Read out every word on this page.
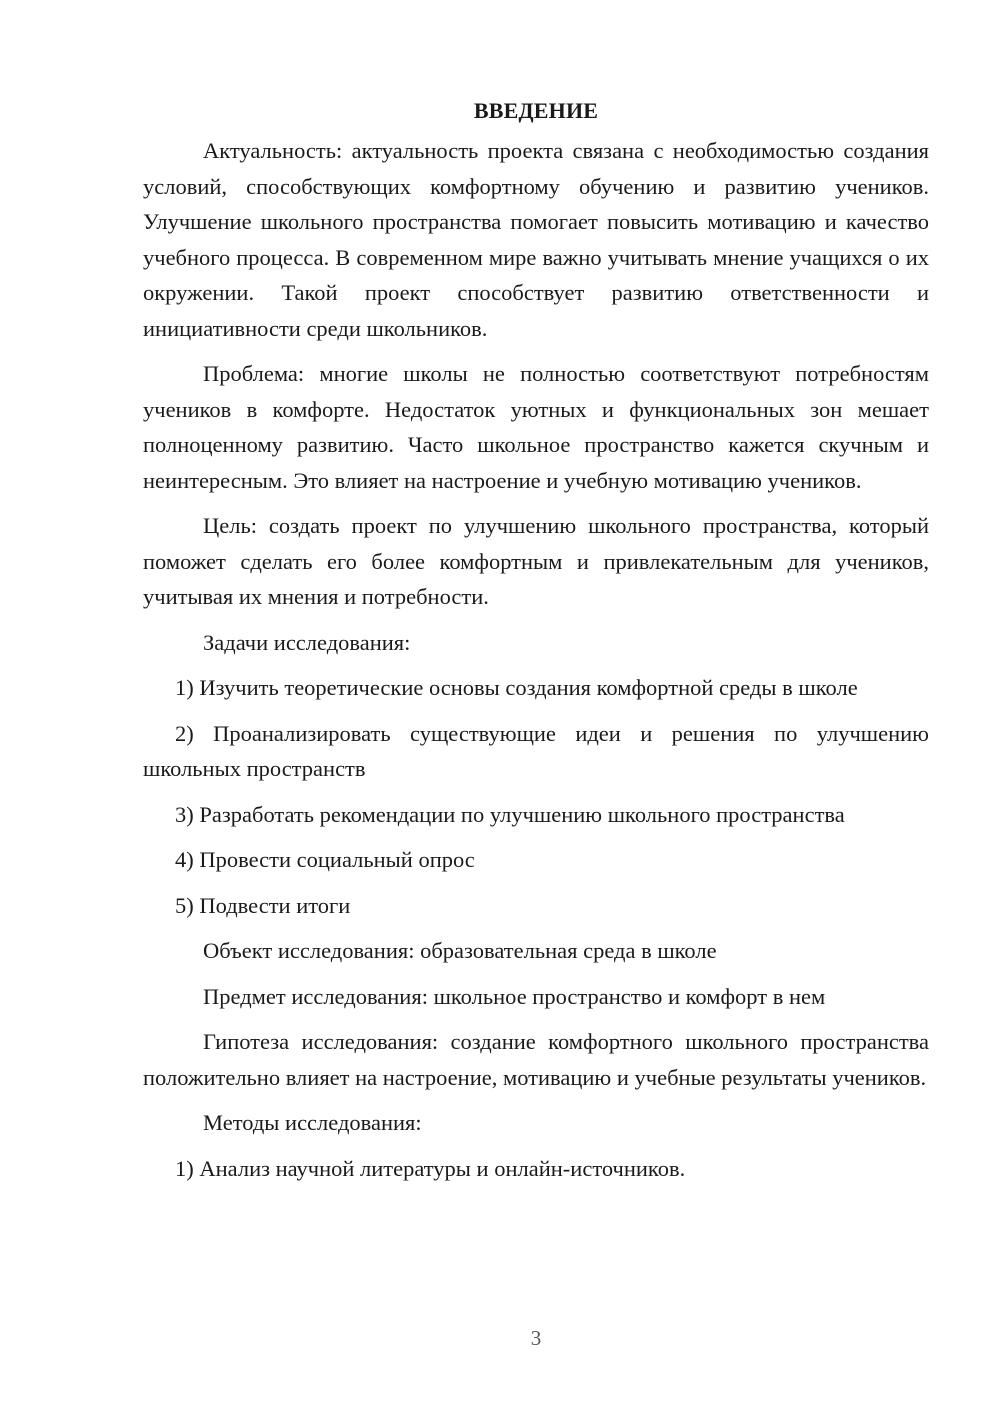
ВВЕДЕНИЕ
Актуальность: актуальность проекта связана с необходимостью создания условий, способствующих комфортному обучению и развитию учеников. Улучшение школьного пространства помогает повысить мотивацию и качество учебного процесса. В современном мире важно учитывать мнение учащихся о их окружении. Такой проект способствует развитию ответственности и инициативности среди школьников.
Проблема: многие школы не полностью соответствуют потребностям учеников в комфорте. Недостаток уютных и функциональных зон мешает полноценному развитию. Часто школьное пространство кажется скучным и неинтересным. Это влияет на настроение и учебную мотивацию учеников.
Цель: создать проект по улучшению школьного пространства, который поможет сделать его более комфортным и привлекательным для учеников, учитывая их мнения и потребности.
Задачи исследования:
1) Изучить теоретические основы создания комфортной среды в школе
2) Проанализировать существующие идеи и решения по улучшению школьных пространств
3) Разработать рекомендации по улучшению школьного пространства
4) Провести социальный опрос
5) Подвести итоги
Объект исследования: образовательная среда в школе
Предмет исследования: школьное пространство и комфорт в нем
Гипотеза исследования: создание комфортного школьного пространства положительно влияет на настроение, мотивацию и учебные результаты учеников.
Методы исследования:
1) Анализ научной литературы и онлайн-источников.
3
